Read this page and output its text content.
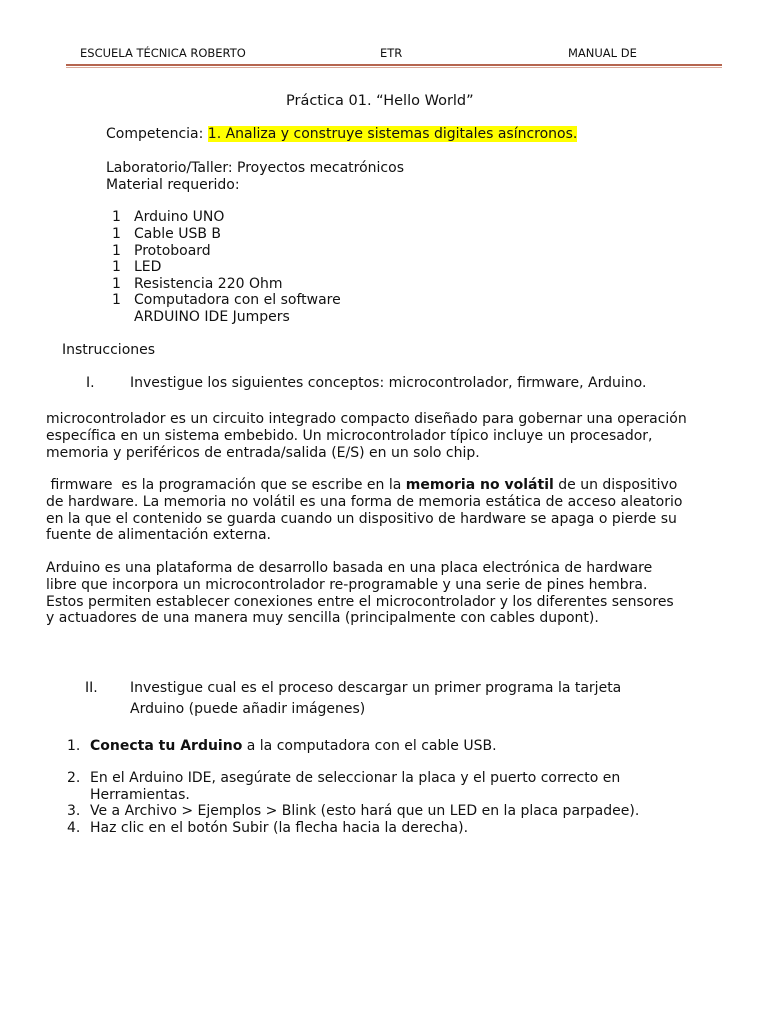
ESCUELA TÉCNICA ROBERTO	ETR	MANUAL DE
Práctica 01. “Hello World”
Competencia: 1. Analiza y construye sistemas digitales asíncronos.
Laboratorio/Taller: Proyectos mecatrónicos
Material requerido:
1 Arduino UNO
1 Cable USB B
1 Protoboard
1 LED
1 Resistencia 220 Ohm
1 Computadora con el software
ARDUINO IDE Jumpers
Instrucciones
I.	Investigue los siguientes conceptos: microcontrolador, firmware, Arduino.
microcontrolador es un circuito integrado compacto diseñado para gobernar una operación
específica en un sistema embebido. Un microcontrolador típico incluye un procesador,
memoria y periféricos de entrada/salida (E/S) en un solo chip.
firmware  es la programación que se escribe en la memoria no volátil de un dispositivo
de hardware. La memoria no volátil es una forma de memoria estática de acceso aleatorio
en la que el contenido se guarda cuando un dispositivo de hardware se apaga o pierde su
fuente de alimentación externa.
Arduino es una plataforma de desarrollo basada en una placa electrónica de hardware
libre que incorpora un microcontrolador re-programable y una serie de pines hembra.
Estos permiten establecer conexiones entre el microcontrolador y los diferentes sensores
y actuadores de una manera muy sencilla (principalmente con cables dupont).
II. Investigue cual es el proceso descargar un primer programa la tarjeta
Arduino (puede añadir imágenes)
1. Conecta tu Arduino a la computadora con el cable USB.
2. En el Arduino IDE, asegúrate de seleccionar la placa y el puerto correcto en
Herramientas.
3. Ve a Archivo > Ejemplos > Blink (esto hará que un LED en la placa parpadee).
4. Haz clic en el botón Subir (la flecha hacia la derecha).
